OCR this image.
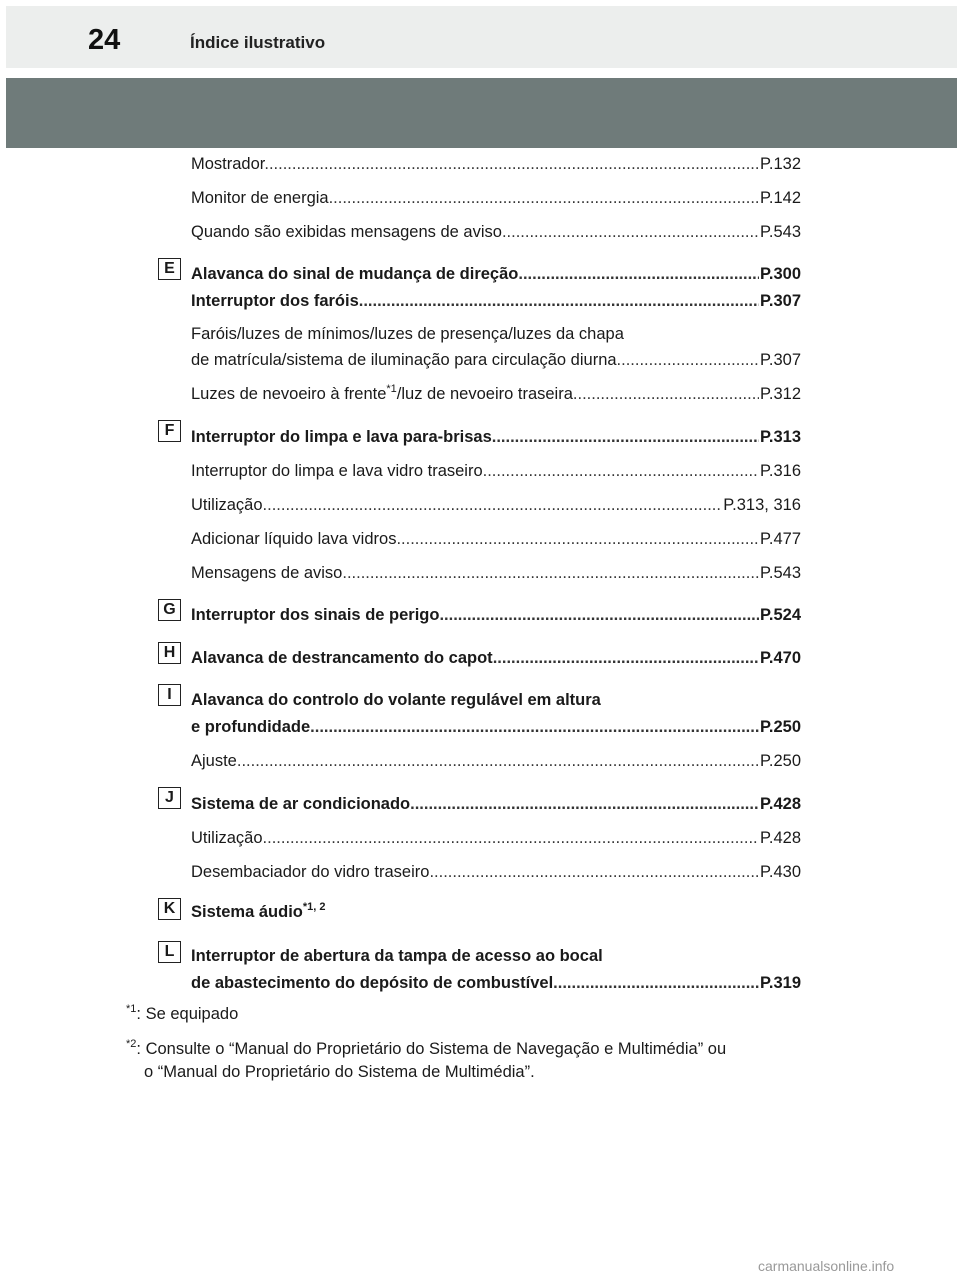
24	Índice ilustrativo
Mostrador .....	P.132
Monitor de energia .....	P.142
Quando são exibidas mensagens de aviso .....	P.543
E Alavanca do sinal de mudança de direção .....	P.300
Interruptor dos faróis .....	P.307
Faróis/luzes de mínimos/luzes de presença/luzes da chapa
de matrícula/sistema de iluminação para circulação diurna .....	P.307
Luzes de nevoeiro à frente$^{*1}$/luz de nevoeiro traseira .....	P.312
F	Interruptor do limpa e lava para-brisas .....	P.313
Interruptor do limpa e lava vidro traseiro .....	P.316
Utilização .....	P.313, 316
Adicionar líquido lava vidros .....	P.477
Mensagens de aviso .....	P.543
G Interruptor dos sinais de perigo .....	P.524
H Alavanca de destrancamento do capot .....	P.470
I	Alavanca do controlo do volante regulável em altura
e profundidade .....	P.250
Ajuste .....	P.250
J	Sistema de ar condicionado .....	P.428
Utilização .....	P.428
Desembaciador do vidro traseiro .....	P.430
K Sistema áudio$^{*1, 2}$
L	Interruptor de abertura da tampa de acesso ao bocal
de abastecimento do depósito de combustível .....	P.319
$^{*1}$: Se equipado
$^{*2}$: Consulte o “Manual do Proprietário do Sistema de Navegação e Multimédia” ou
o “Manual do Proprietário do Sistema de Multimédia”.
carmanualsonline.info
